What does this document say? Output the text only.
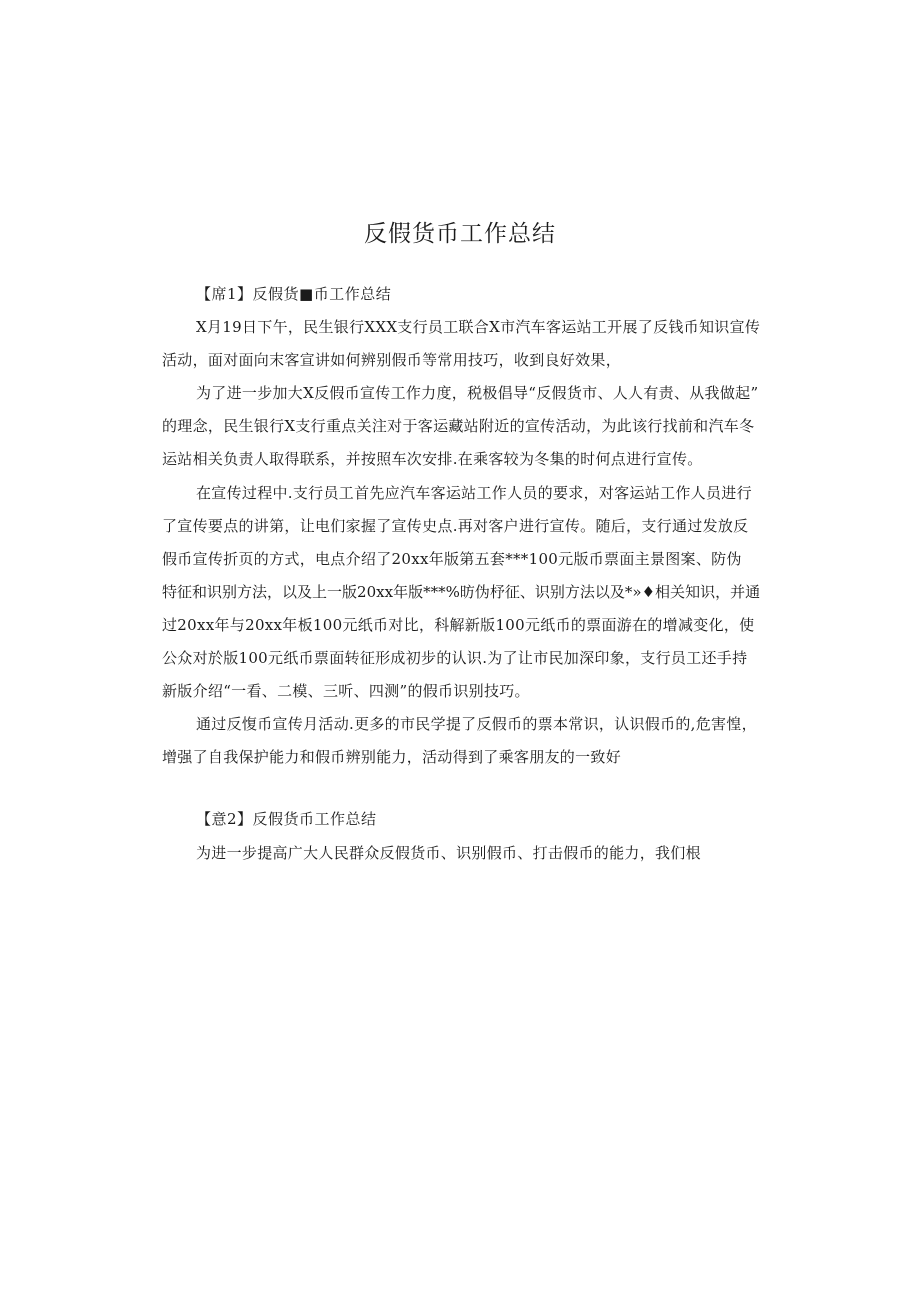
反假货币工作总结
【席1】反假货■币工作总结
X月19日下午，民生银行XXX支行员工联合X市汽车客运站工开展了反钱币知识宣传
活动，面对面向末客宣讲如何辨别假币等常用技巧，收到良好效果，
为了进一步加大X反假币宣传工作力度，税极倡导“反假货市、人人有责、从我做起”
的理念，民生银行X支行重点关注对于客运藏站附近的宣传活动，为此该行找前和汽车冬
运站相关负责人取得联系，并按照车次安排.在乘客较为冬集的时何点进行宣传。
在宣传过程中.支行员工首先应汽车客运站工作人员的要求，对客运站工作人员进行
了宣传要点的讲第，让电们家握了宣传史点.再对客户进行宣传。随后，支行通过发放反
假币宣传折页的方式，电点介绍了20xx年版第五套***100元版币票面主景图案、防伪
特征和识别方法，以及上一版20xx年版***%昉伪杼征、识别方法以及*»♦相关知识，并通
过20xx年与20xx年板100元纸币对比，科解新版100元纸币的票面游在的增减变化，使
公众对於版100元纸币票面转征形成初步的认识.为了让市民加深印象，支行员工还手持
新版介绍“一看、二模、三听、四测”的假币识别技巧。
通过反愎币宣传月活动.更多的市民学提了反假币的票本常识，认识假币的,危害惶，
增强了自我保护能力和假币辨别能力，活动得到了乘客朋友的一致好
【意2】反假货币工作总结
为进一步提高广大人民群众反假货币、识别假币、打击假币的能力，我们根
